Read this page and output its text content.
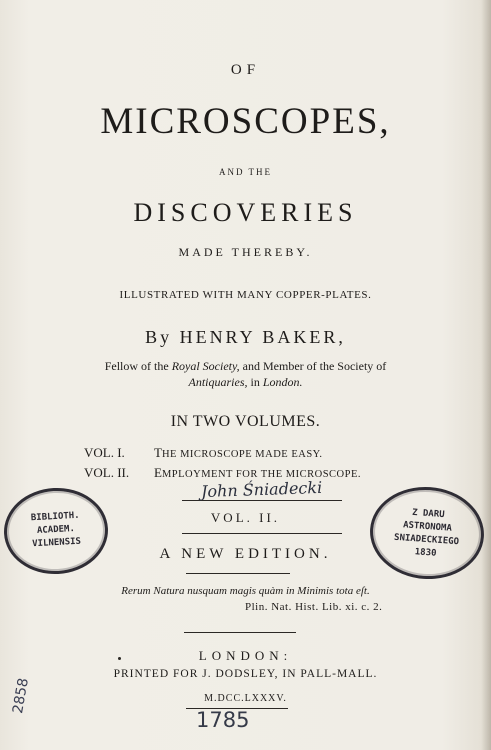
OF
MICROSCOPES,
AND THE
DISCOVERIES
MADE THEREBY.
ILLUSTRATED WITH MANY COPPER-PLATES.
By HENRY BAKER,
Fellow of the Royal Society, and Member of the Society of
Antiquaries, in London.
IN TWO VOLUMES.
VOL. I. THE MICROSCOPE MADE EASY.
VOL. II. EMPLOYMENT FOR THE MICROSCOPE.
John Śniadecki
VOL. II.
A NEW EDITION.
Rerum Natura nusquam magis quàm in Minimis tota eſt.
Plin. Nat. Hist. Lib. xi. c. 2.
LONDON:
PRINTED FOR J. DODSLEY, IN PALL-MALL.
M.DCC.LXXXV.
1785
2858
BIBLIOTH.
ACADEM.
VILNENSIS
Z DARU
ASTRONOMA
SNIADECKIEGO
1830
